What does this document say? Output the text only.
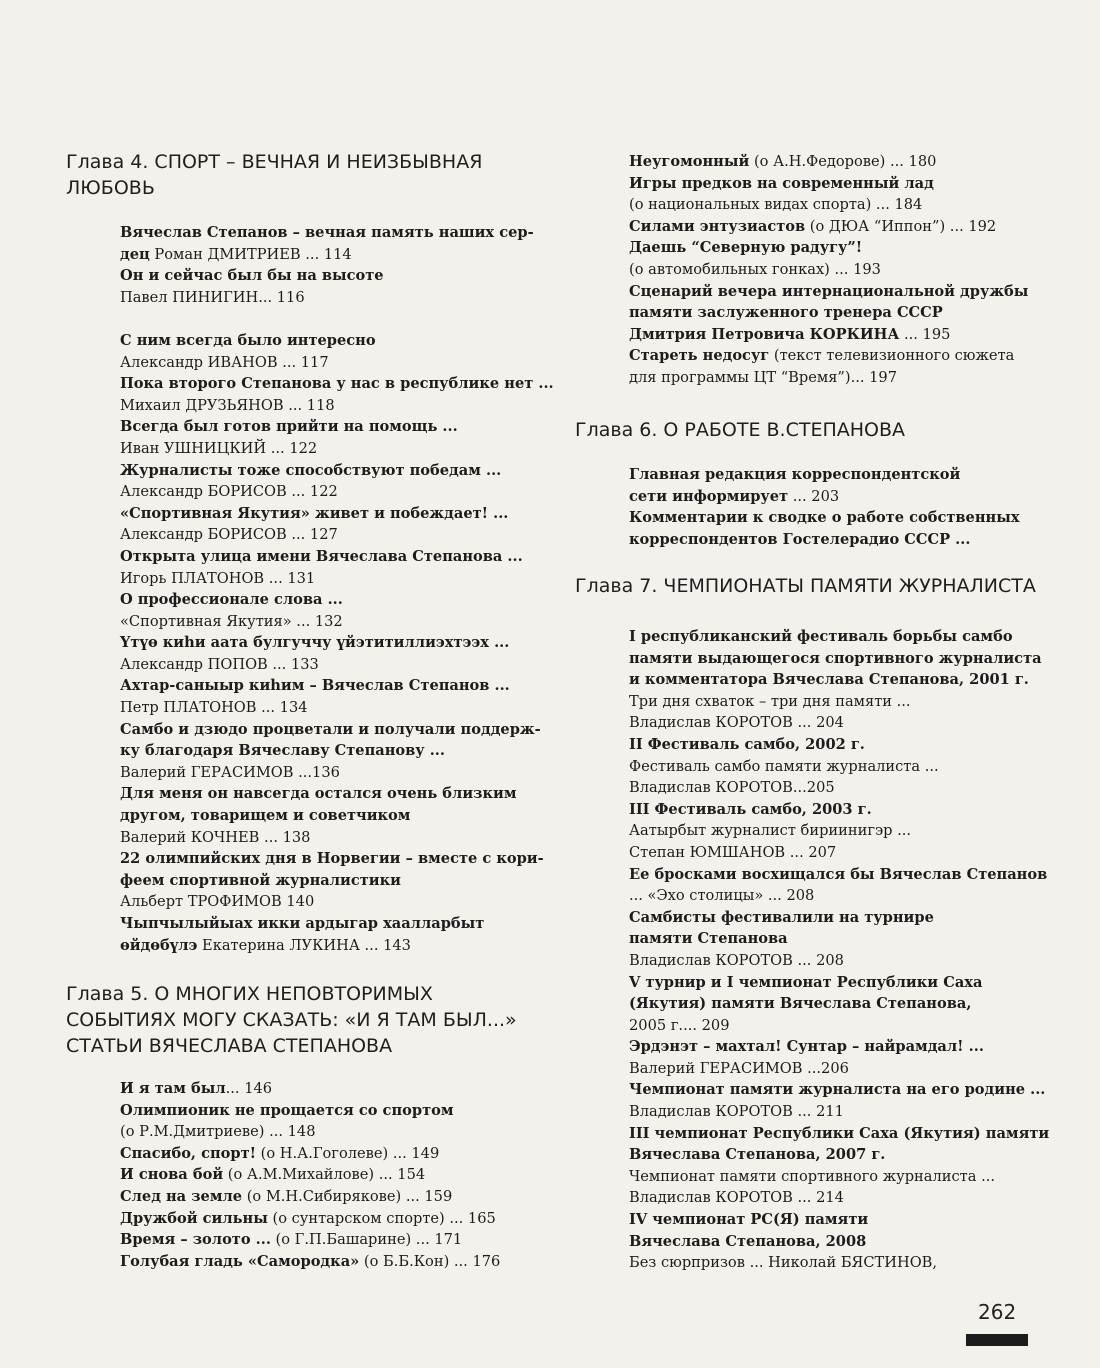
Глава 4. СПОРТ – ВЕЧНАЯ И НЕИЗБЫВНАЯ
ЛЮБОВЬ
Вячеслав Степанов – вечная память наших сер-
дец Роман ДМИТРИЕВ ... 114
Он и сейчас был бы на высоте
Павел ПИНИГИН... 116
С ним всегда было интересно
Александр ИВАНОВ ... 117
Пока второго Степанова у нас в республике нет ...
Михаил ДРУЗЬЯНОВ ... 118
Всегда был готов прийти на помощь ...
Иван УШНИЦКИЙ ... 122
Журналисты тоже способствуют победам ...
Александр БОРИСОВ ... 122
«Спортивная Якутия» живет и побеждает! ...
Александр БОРИСОВ ... 127
Открыта улица имени Вячеслава Степанова ...
Игорь ПЛАТОНОВ ... 131
О профессионале слова ...
«Спортивная Якутия» ... 132
Үтүө киһи аата булгуччу үйэтитиллиэхтээх ...
Александр ПОПОВ ... 133
Ахтар-саныыр киһим – Вячеслав Степанов ...
Петр ПЛАТОНОВ ... 134
Самбо и дзюдо процветали и получали поддерж-
ку благодаря Вячеславу Степанову ...
Валерий ГЕРАСИМОВ ...136
Для меня он навсегда остался очень близким
другом, товарищем и советчиком
Валерий КОЧНЕВ ... 138
22 олимпийских дня в Норвегии – вместе с кори-
феем спортивной журналистики
Альберт ТРОФИМОВ 140
Чыпчылыйыах икки ардыгар хаалларбыт
өйдөбүлэ Екатерина ЛУКИНА ... 143
Глава 5. О МНОГИХ НЕПОВТОРИМЫХ
СОБЫТИЯХ МОГУ СКАЗАТЬ: «И Я ТАМ БЫЛ...»
СТАТЬИ ВЯЧЕСЛАВА СТЕПАНОВА
И я там был... 146
Олимпионик не прощается со спортом
(о Р.М.Дмитриеве) ... 148
Спасибо, спорт! (о Н.А.Гоголеве) ... 149
И снова бой (о А.М.Михайлове) ... 154
След на земле (о М.Н.Сибирякове) ... 159
Дружбой сильны (о сунтарском спорте) ... 165
Время – золото ... (о Г.П.Башарине) ... 171
Голубая гладь «Самородка» (о Б.Б.Кон) ... 176
Неугомонный (о А.Н.Федорове) ... 180
Игры предков на современный лад
(о национальных видах спорта) ... 184
Силами энтузиастов (о ДЮА “Иппон”) ... 192
Даешь “Северную радугу”!
(о автомобильных гонках) ... 193
Сценарий вечера интернациональной дружбы
памяти заслуженного тренера СССР
Дмитрия Петровича КОРКИНА ... 195
Стареть недосуг (текст телевизионного сюжета
для программы ЦТ “Время”)... 197
Глава 6. О РАБОТЕ В.СТЕПАНОВА
Главная редакция корреспондентской
сети информирует ... 203
Комментарии к сводке о работе собственных
корреспондентов Гостелерадио СССР ...
Глава 7. ЧЕМПИОНАТЫ ПАМЯТИ ЖУРНАЛИСТА
I республиканский фестиваль борьбы самбо
памяти выдающегося спортивного журналиста
и комментатора Вячеслава Степанова, 2001 г.
Три дня схваток – три дня памяти ...
Владислав КОРОТОВ ... 204
II Фестиваль самбо, 2002 г.
Фестиваль самбо памяти журналиста ...
Владислав КОРОТОВ...205
III Фестиваль самбо, 2003 г.
Аатырбыт журналист бириинигэр ...
Степан ЮМШАНОВ ... 207
Ее бросками восхищался бы Вячеслав Степанов
... «Эхо столицы» ... 208
Самбисты фестивалили на турнире
памяти Степанова
Владислав КОРОТОВ ... 208
V турнир и I чемпионат Республики Саха
(Якутия) памяти Вячеслава Степанова,
2005 г.... 209
Эрдэнэт – махтал! Сунтар – найрамдал! ...
Валерий ГЕРАСИМОВ ...206
Чемпионат памяти журналиста на его родине ...
Владислав КОРОТОВ ... 211
III чемпионат Республики Саха (Якутия) памяти
Вячеслава Степанова, 2007 г.
Чемпионат памяти спортивного журналиста ...
Владислав КОРОТОВ ... 214
IV чемпионат РС(Я) памяти
Вячеслава Степанова, 2008
Без сюрпризов ... Николай БЯСТИНОВ,
262
